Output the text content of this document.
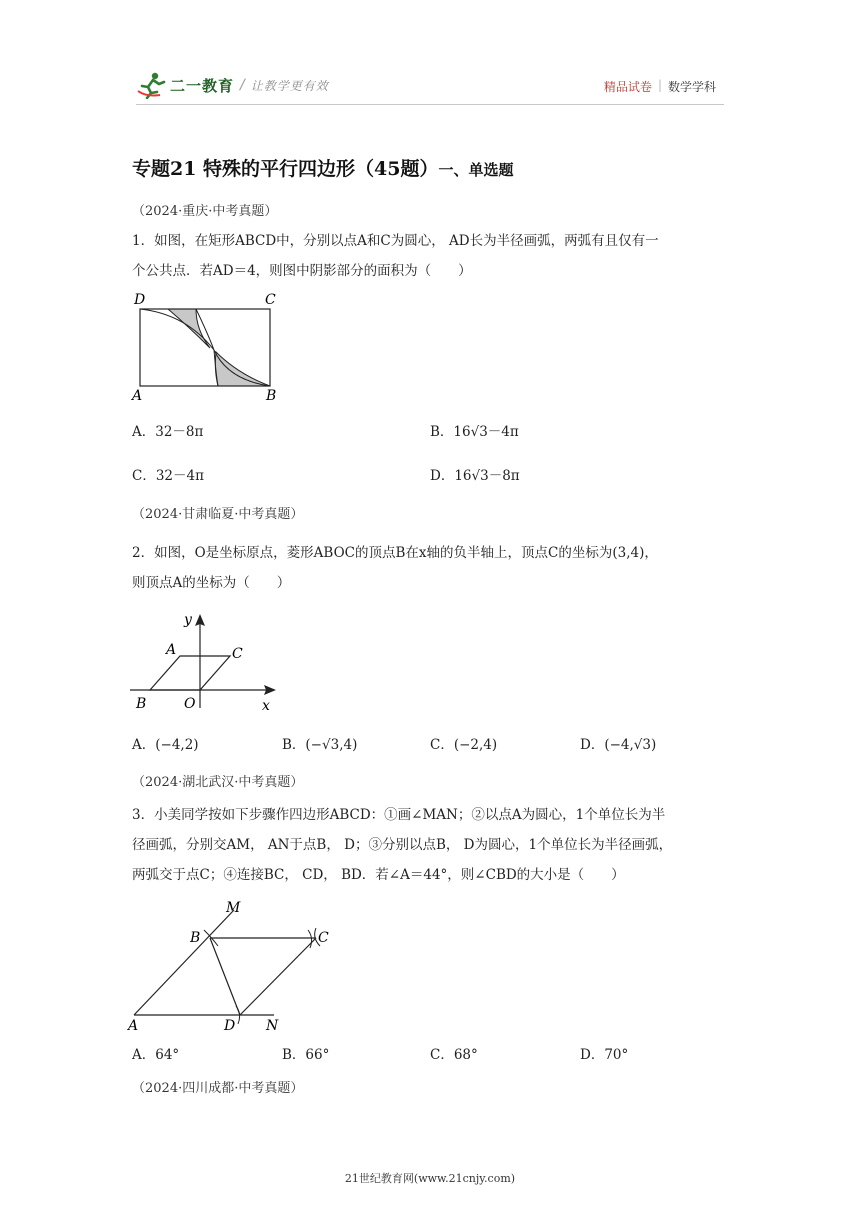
二一教育 / 让教学更有效	精品试卷 | 数学学科
专题21 特殊的平行四边形（45题）一、单选题
（2024·重庆·中考真题）
1．如图，在矩形ABCD中，分别以点A和C为圆心， AD长为半径画弧，两弧有且仅有一
个公共点．若AD＝4，则图中阴影部分的面积为（　　）
D	C
A	B
A．32－8π	B．16√3－4π
C．32－4π	D．16√3－8π
（2024·甘肃临夏·中考真题）
2．如图，O是坐标原点，菱形ABOC的顶点B在x轴的负半轴上，顶点C的坐标为(3,4)，
则顶点A的坐标为（　　）
y
x
A	C
B	O
A．(−4,2)	B．(−√3,4)	C．(−2,4)	D．(−4,√3)
（2024·湖北武汉·中考真题）
3．小美同学按如下步骤作四边形ABCD：①画∠MAN；②以点A为圆心，1个单位长为半
径画弧，分别交AM， AN于点B， D；③分别以点B， D为圆心，1个单位长为半径画弧，
两弧交于点C；④连接BC， CD， BD．若∠A＝44°，则∠CBD的大小是（　　）
M
B	C
A	D N
A．64°	B．66°	C．68°	D．70°
（2024·四川成都·中考真题）
21世纪教育网(www.21cnjy.com)
